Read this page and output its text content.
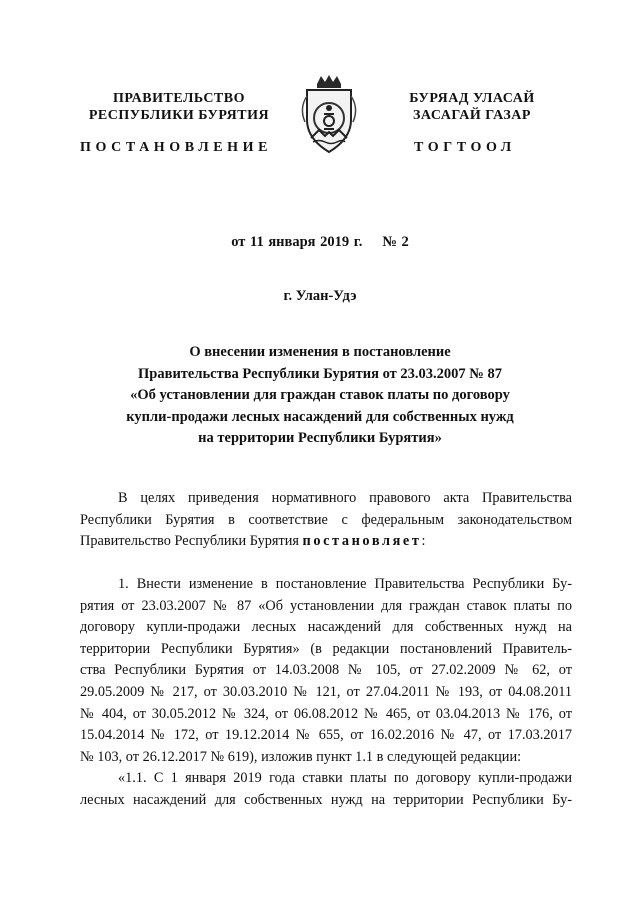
ПРАВИТЕЛЬСТВО
РЕСПУБЛИКИ БУРЯТИЯ
БУРЯАД УЛАСАЙ
ЗАСАГАЙ ГАЗАР
ПОСТАНОВЛЕНИЕ	ТОГТООЛ
от 11 января 2019 г. № 2
г. Улан-Удэ
О внесении изменения в постановление
Правительства Республики Бурятия от 23.03.2007 № 87
«Об установлении для граждан ставок платы по договору
купли-продажи лесных насаждений для собственных нужд
на территории Республики Бурятия»
В целях приведения нормативного правового акта Правительства
Республики Бурятия в соответствие с федеральным законодательством
Правительство Республики Бурятия постановляет:
1. Внести изменение в постановление Правительства Республики Бу-
рятия от 23.03.2007 № 87 «Об установлении для граждан ставок платы по
договору купли-продажи лесных насаждений для собственных нужд на
территории Республики Бурятия» (в редакции постановлений Правитель-
ства Республики Бурятия от 14.03.2008 № 105, от 27.02.2009 № 62, от
29.05.2009 № 217, от 30.03.2010 № 121, от 27.04.2011 № 193, от 04.08.2011
№ 404, от 30.05.2012 № 324, от 06.08.2012 № 465, от 03.04.2013 № 176, от
15.04.2014 № 172, от 19.12.2014 № 655, от 16.02.2016 № 47, от 17.03.2017
№ 103, от 26.12.2017 № 619), изложив пункт 1.1 в следующей редакции:
«1.1. С 1 января 2019 года ставки платы по договору купли-продажи
лесных насаждений для собственных нужд на территории Республики Бу-
